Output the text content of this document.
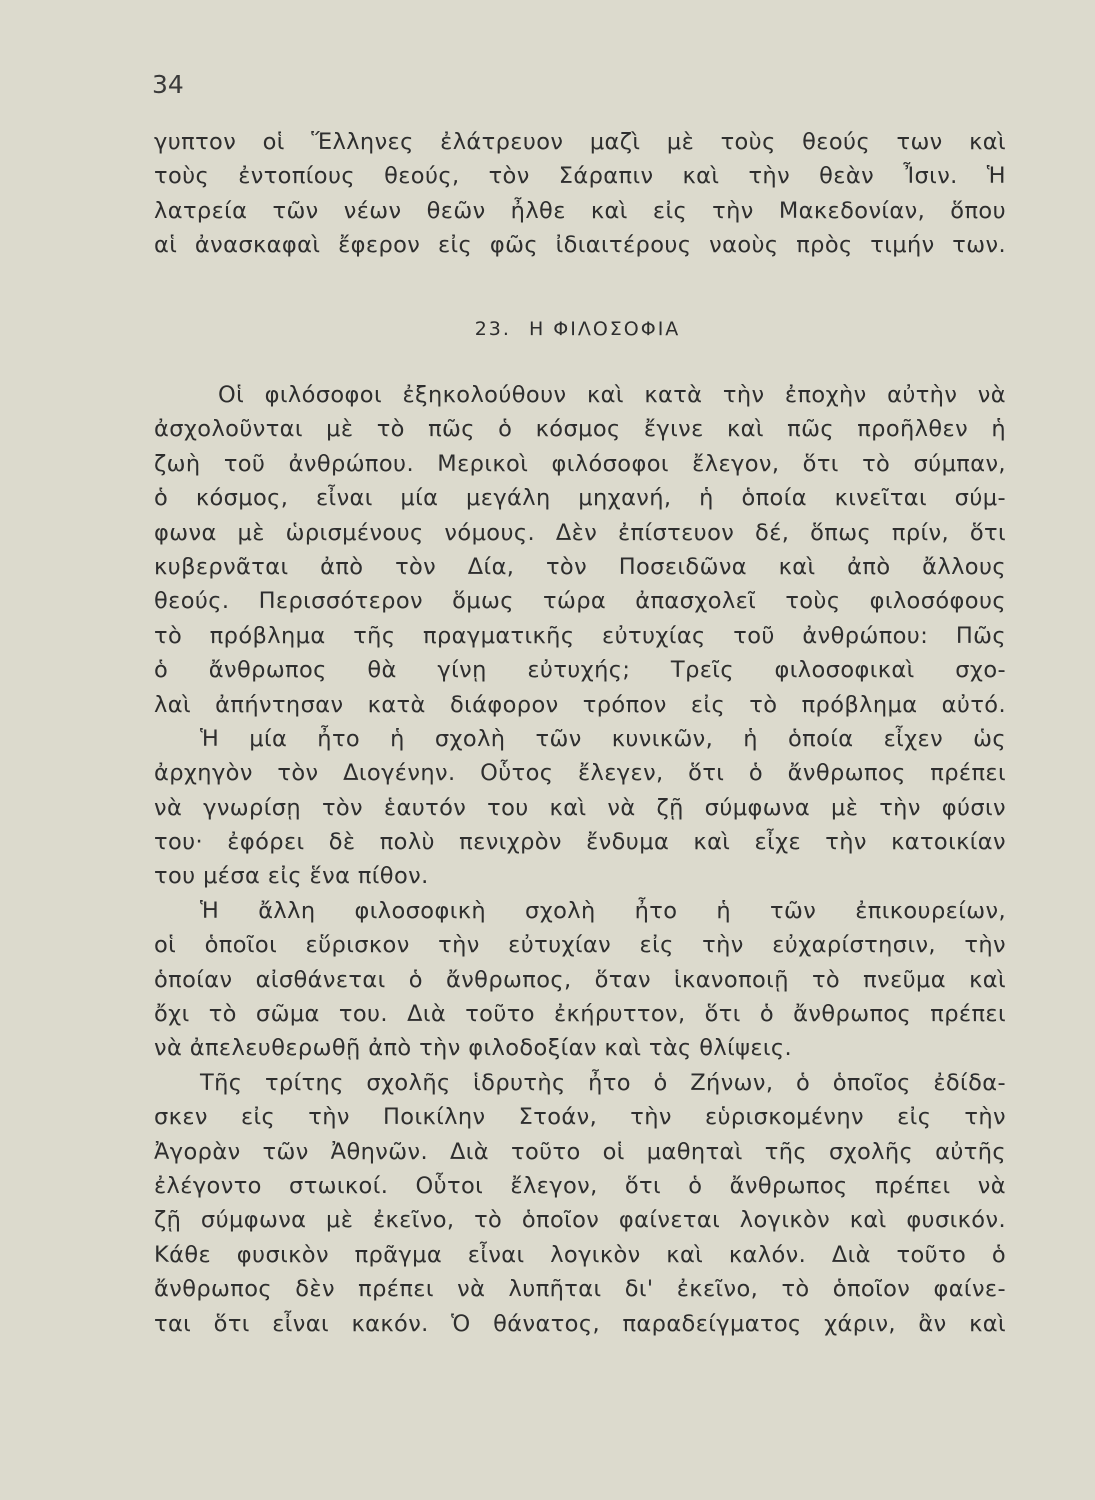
34
γυπτον οἱ Ἕλληνες ἐλάτρευον μαζὶ μὲ τοὺς θεούς των καὶ
τοὺς ἐντοπίους θεούς, τὸν Σάραπιν καὶ τὴν θεὰν Ἶσιν. Ἡ
λατρεία τῶν νέων θεῶν ἦλθε καὶ εἰς τὴν Μακεδονίαν, ὅπου
αἱ ἀνασκαφαὶ ἔφερον εἰς φῶς ἰδιαιτέρους ναοὺς πρὸς τιμήν των.
23. Η ΦΙΛΟΣΟΦΙΑ
Οἱ φιλόσοφοι ἐξηκολούθουν καὶ κατὰ τὴν ἐποχὴν αὐτὴν νὰ
ἀσχολοῦνται μὲ τὸ πῶς ὁ κόσμος ἔγινε καὶ πῶς προῆλθεν ἡ
ζωὴ τοῦ ἀνθρώπου. Μερικοὶ φιλόσοφοι ἔλεγον, ὅτι τὸ σύμπαν,
ὁ κόσμος, εἶναι μία μεγάλη μηχανή, ἡ ὁποία κινεῖται σύμ-
φωνα μὲ ὡρισμένους νόμους. Δὲν ἐπίστευον δέ, ὅπως πρίν, ὅτι
κυβερνᾶται ἀπὸ τὸν Δία, τὸν Ποσειδῶνα καὶ ἀπὸ ἄλλους
θεούς. Περισσότερον ὅμως τώρα ἀπασχολεῖ τοὺς φιλοσόφους
τὸ πρόβλημα τῆς πραγματικῆς εὐτυχίας τοῦ ἀνθρώπου: Πῶς
ὁ ἄνθρωπος θὰ γίνῃ εὐτυχής; Τρεῖς φιλοσοφικαὶ σχο-
λαὶ ἀπήντησαν κατὰ διάφορον τρόπον εἰς τὸ πρόβλημα αὐτό.
Ἡ μία ἦτο ἡ σχολὴ τῶν κυνικῶν, ἡ ὁποία εἶχεν ὡς
ἀρχηγὸν τὸν Διογένην. Οὗτος ἔλεγεν, ὅτι ὁ ἄνθρωπος πρέπει
νὰ γνωρίσῃ τὸν ἑαυτόν του καὶ νὰ ζῇ σύμφωνα μὲ τὴν φύσιν
του· ἐφόρει δὲ πολὺ πενιχρὸν ἔνδυμα καὶ εἶχε τὴν κατοικίαν
του μέσα εἰς ἕνα πίθον.
Ἡ ἄλλη φιλοσοφικὴ σχολὴ ἦτο ἡ τῶν ἐπικουρείων,
οἱ ὁποῖοι εὕρισκον τὴν εὐτυχίαν εἰς τὴν εὐχαρίστησιν, τὴν
ὁποίαν αἰσθάνεται ὁ ἄνθρωπος, ὅταν ἱκανοποιῇ τὸ πνεῦμα καὶ
ὄχι τὸ σῶμα του. Διὰ τοῦτο ἐκήρυττον, ὅτι ὁ ἄνθρωπος πρέπει
νὰ ἀπελευθερωθῇ ἀπὸ τὴν φιλοδοξίαν καὶ τὰς θλίψεις.
Τῆς τρίτης σχολῆς ἱδρυτὴς ἦτο ὁ Ζήνων, ὁ ὁποῖος ἐδίδα-
σκεν εἰς τὴν Ποικίλην Στοάν, τὴν εὑρισκομένην εἰς τὴν
Ἀγορὰν τῶν Ἀθηνῶν. Διὰ τοῦτο οἱ μαθηταὶ τῆς σχολῆς αὐτῆς
ἐλέγοντο στωικοί. Οὗτοι ἔλεγον, ὅτι ὁ ἄνθρωπος πρέπει νὰ
ζῇ σύμφωνα μὲ ἐκεῖνο, τὸ ὁποῖον φαίνεται λογικὸν καὶ φυσικόν.
Κάθε φυσικὸν πρᾶγμα εἶναι λογικὸν καὶ καλόν. Διὰ τοῦτο ὁ
ἄνθρωπος δὲν πρέπει νὰ λυπῆται δι' ἐκεῖνο, τὸ ὁποῖον φαίνε-
ται ὅτι εἶναι κακόν. Ὁ θάνατος, παραδείγματος χάριν, ἂν καὶ
